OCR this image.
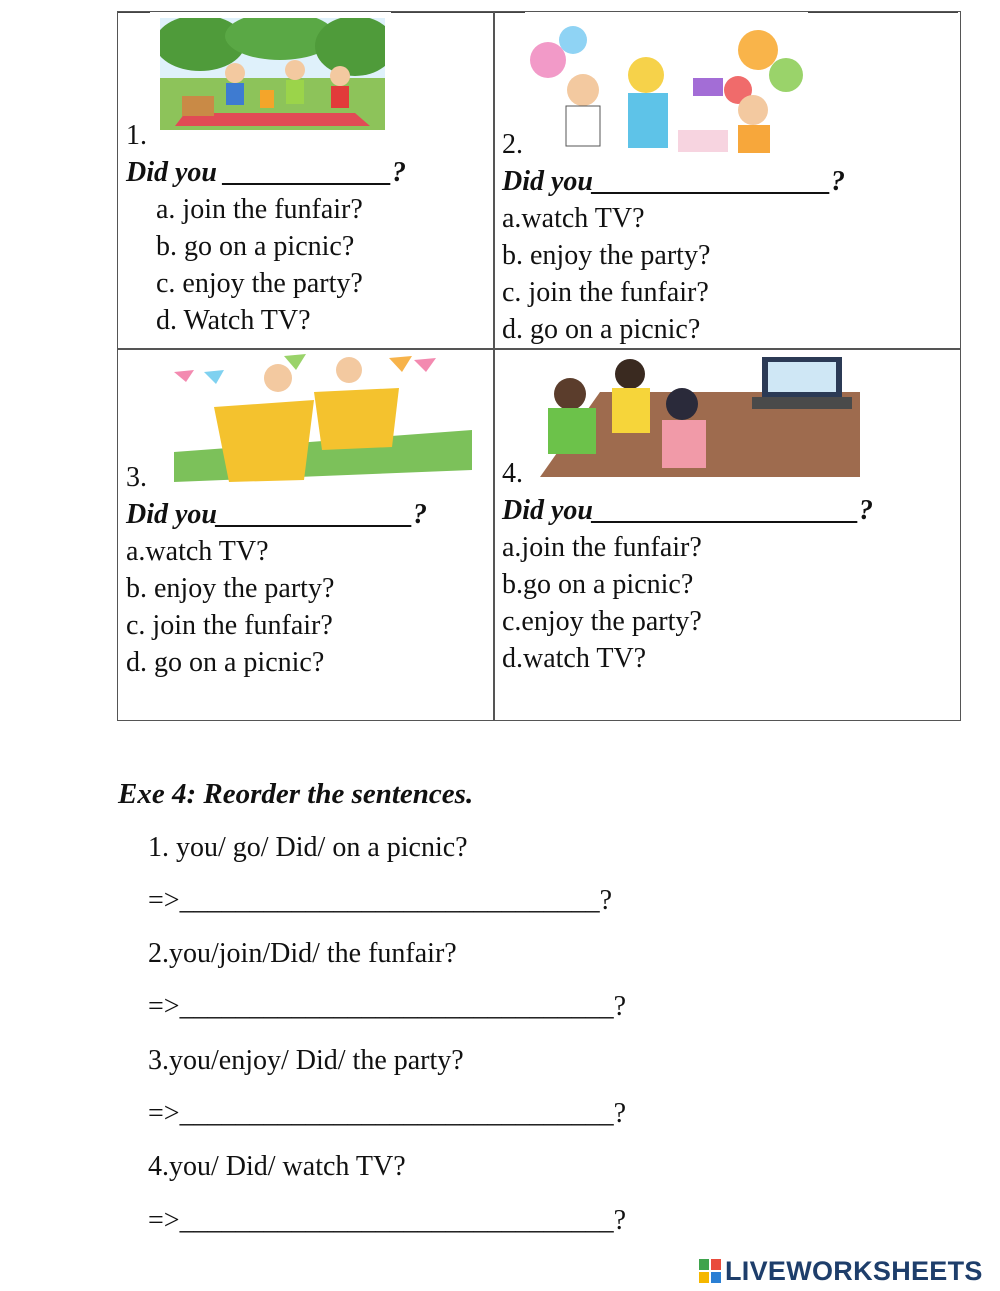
1.
Did you ____________?
a. join the funfair?
b. go on a picnic?
c. enjoy the party?
d. Watch TV?
2.
Did you_________________?
a.watch TV?
b. enjoy the party?
c. join the funfair?
d. go on a picnic?
3.
Did you______________?
a.watch TV?
b. enjoy the party?
c. join the funfair?
d. go on a picnic?
4.
Did you___________________?
a.join the funfair?
b.go on a picnic?
c.enjoy the party?
d.watch TV?
Exe 4: Reorder the sentences.
1. you/ go/ Did/ on a picnic?
=>______________________________?
2.you/join/Did/ the funfair?
=>_______________________________?
3.you/enjoy/ Did/ the party?
=>_______________________________?
4.you/ Did/ watch TV?
=>_______________________________?
LIVEWORKSHEETS
